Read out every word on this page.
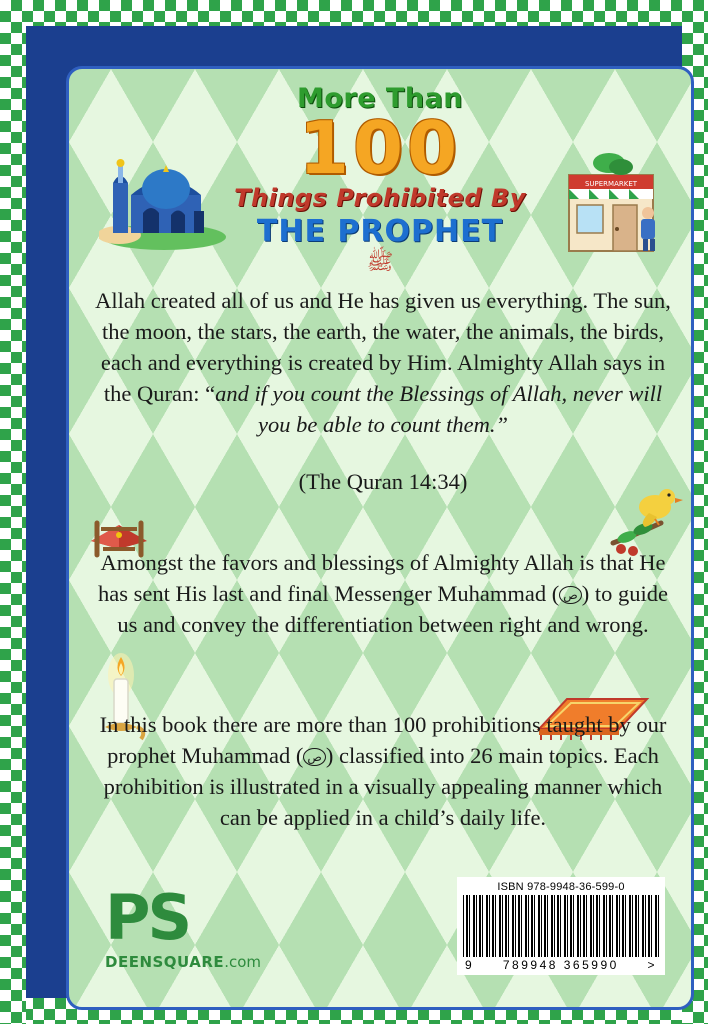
More Than
100
Things Prohibited By
THE PROPHET
ﷺ
SUPERMARKET
Allah created all of us and He has given us everything. The sun, the moon, the stars, the earth, the water, the animals, the birds, each and everything is created by Him. Almighty Allah says in the Quran: “and if you count the Blessings of Allah, never will you be able to count them.”
(The Quran 14:34)
Amongst the favors and blessings of Almighty Allah is that He has sent His last and final Messenger Muhammad ( ص ) to guide us and convey the differentiation between right and wrong.
In this book there are more than 100 prohibitions taught by our prophet Muhammad ( ص ) classified into 26 main topics. Each prohibition is illustrated in a visually appealing manner which can be applied in a child’s daily life.
PS
DEENSQUARE.com
ISBN 978-9948-36-599-0
9 789948 365990 >
